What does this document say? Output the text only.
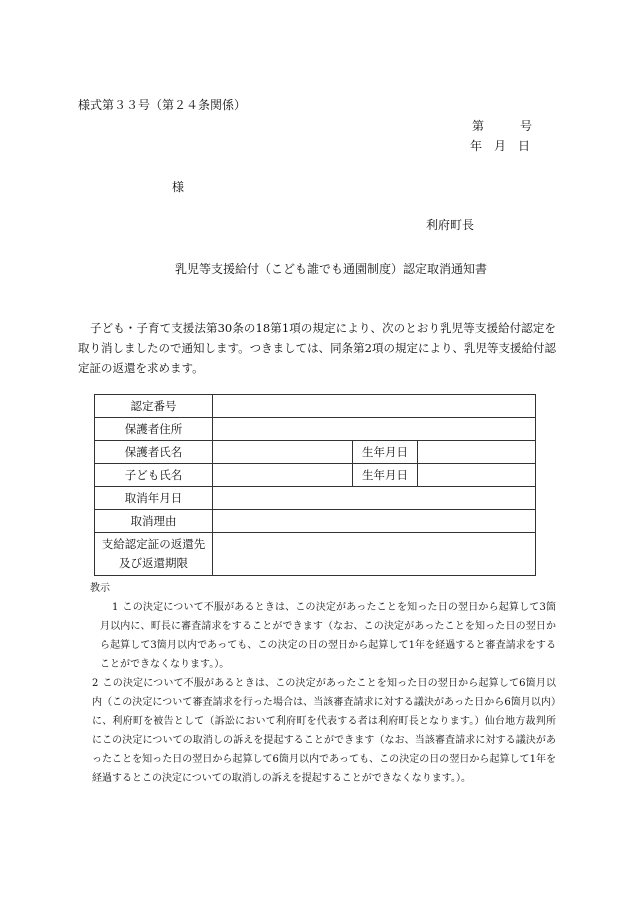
様式第３３号（第２４条関係）
第　　　号
年　月　日
様
利府町長
乳児等支援給付（こども誰でも通園制度）認定取消通知書
子ども・子育て支援法第30条の18第1項の規定により、次のとおり乳児等支援給付認定を取り消しましたので通知します。つきましては、同条第2項の規定により、乳児等支援給付認定証の返還を求めます。
認定番号			
保護者住所			
保護者氏名		生年月日	
子ども氏名		生年月日	
取消年月日			
取消理由			
支給認定証の返還先
及び返還期限			
教示
1 この決定について不服があるときは、この決定があったことを知った日の翌日から起算して3箇月以内に、町長に審査請求をすることができます（なお、この決定があったことを知った日の翌日から起算して3箇月以内であっても、この決定の日の翌日から起算して1年を経過すると審査請求をすることができなくなります。）。
2 この決定について不服があるときは、この決定があったことを知った日の翌日から起算して6箇月以内（この決定について審査請求を行った場合は、当該審査請求に対する議決があった日から6箇月以内）に、利府町を被告として（訴訟において利府町を代表する者は利府町長となります。）仙台地方裁判所にこの決定についての取消しの訴えを提起することができます（なお、当該審査請求に対する議決があったことを知った日の翌日から起算して6箇月以内であっても、この決定の日の翌日から起算して1年を経過するとこの決定についての取消しの訴えを提起することができなくなります。）。
